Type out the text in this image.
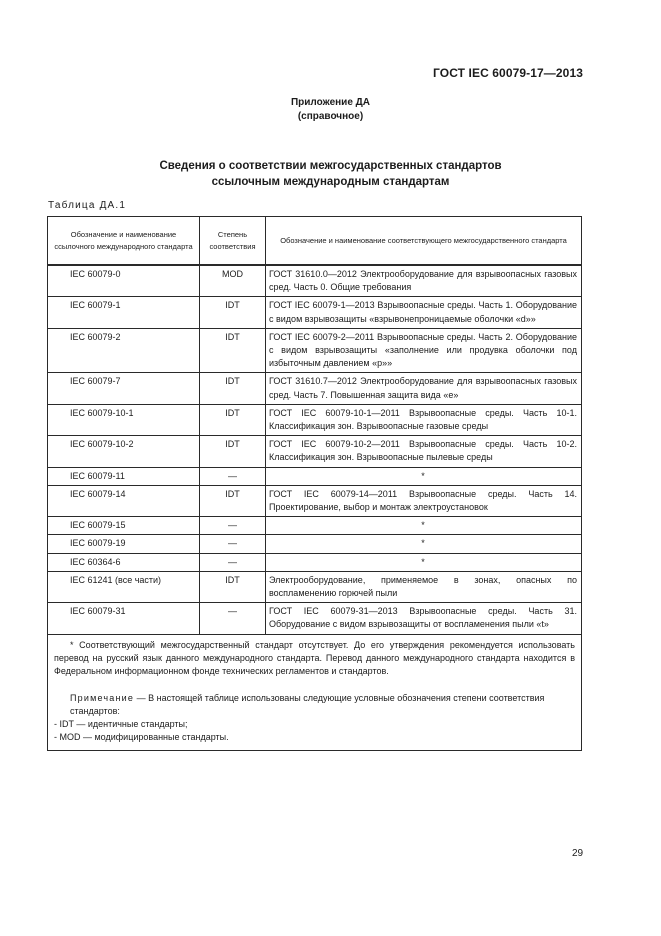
ГОСТ IEC 60079-17—2013
Приложение ДА
(справочное)
Сведения о соответствии межгосударственных стандартов
ссылочным международным стандартам
Таблица ДА.1
Обозначение и наименование ссылочного международного стандарта	Степень соответствия	Обозначение и наименование соответствующего межгосударственного стандарта
IEC 60079-0	MOD	ГОСТ 31610.0—2012 Электрооборудование для взрывоопасных газовых сред. Часть 0. Общие требования
IEC 60079-1	IDT	ГОСТ IEC 60079-1—2013 Взрывоопасные среды. Часть 1. Оборудование с видом взрывозащиты «взрывонепроницаемые оболочки «d»»
IEC 60079-2	IDT	ГОСТ IEC 60079-2—2011 Взрывоопасные среды. Часть 2. Оборудование с видом взрывозащиты «заполнение или продувка оболочки под избыточным давлением «р»»
IEC 60079-7	IDT	ГОСТ 31610.7—2012 Электрооборудование для взрывоопасных газовых сред. Часть 7. Повышенная защита вида «е»
IEC 60079-10-1	IDT	ГОСТ IEC 60079-10-1—2011 Взрывоопасные среды. Часть 10-1. Классификация зон. Взрывоопасные газовые среды
IEC 60079-10-2	IDT	ГОСТ IEC 60079-10-2—2011 Взрывоопасные среды. Часть 10-2. Классификация зон. Взрывоопасные пылевые среды
IEC 60079-11	—	*
IEC 60079-14	IDT	ГОСТ IEC 60079-14—2011 Взрывоопасные среды. Часть 14. Проектирование, выбор и монтаж электроустановок
IEC 60079-15	—	*
IEC 60079-19	—	*
IEC 60364-6	—	*
IEC 61241 (все части)	IDT	Электрооборудование, применяемое в зонах, опасных по воспламенению горючей пыли
IEC 60079-31	—	ГОСТ IEC 60079-31—2013 Взрывоопасные среды. Часть 31. Оборудование с видом взрывозащиты от воспламенения пыли «t»

* Соответствующий межгосударственный стандарт отсутствует. До его утверждения рекомендуется использовать перевод на русский язык данного международного стандарта. Перевод данного международного стандарта находится в Федеральном информационном фонде технических регламентов и стандартов.

Примечание — В настоящей таблице использованы следующие условные обозначения степени соответствия стандартов:
- IDT — идентичные стандарты;
- MOD — модифицированные стандарты.		
29
